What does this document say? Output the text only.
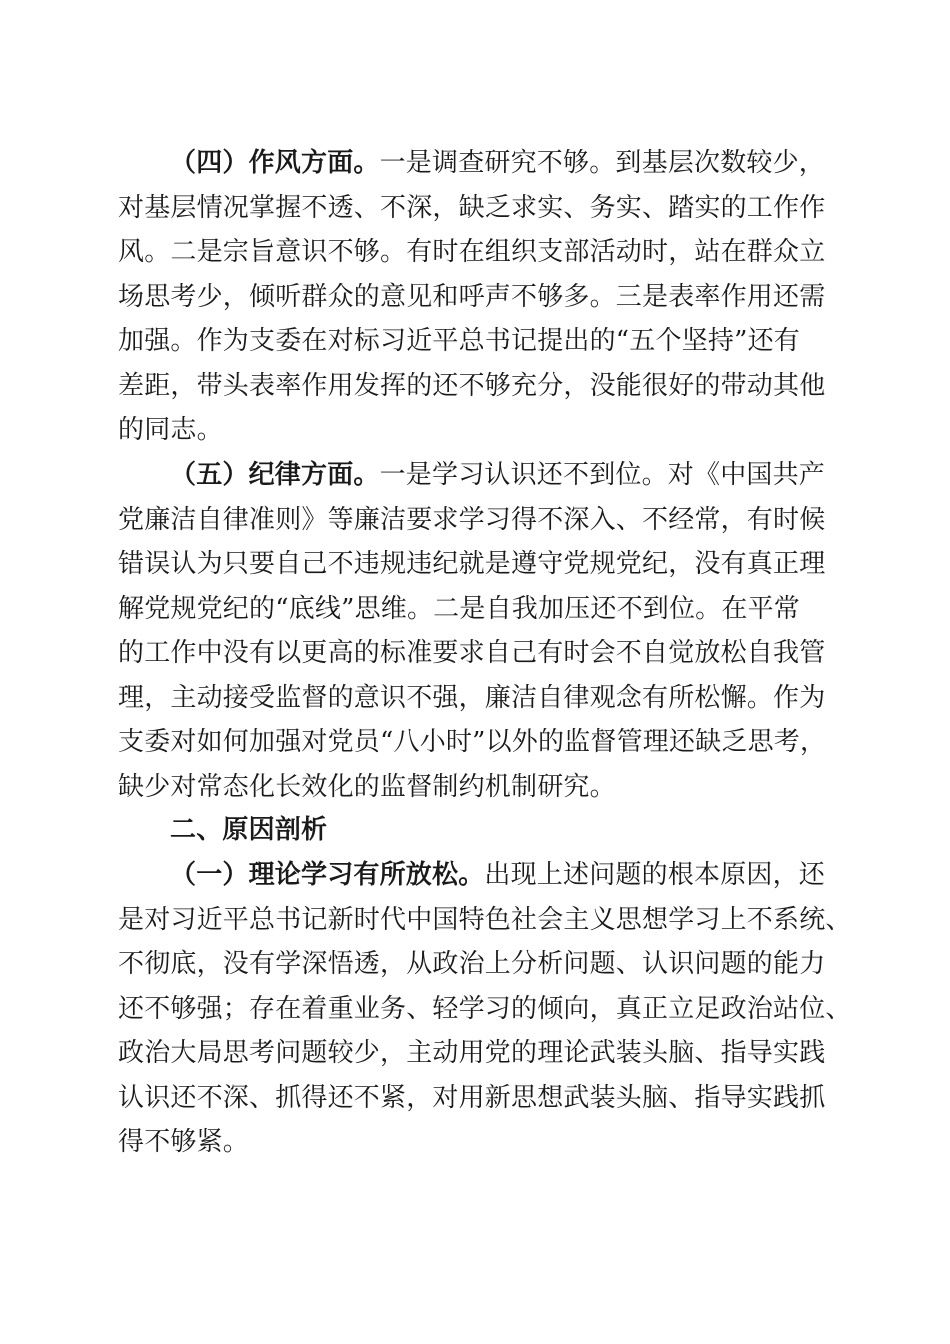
（四）作风方面。一是调查研究不够。到基层次数较少，
对基层情况掌握不透、不深，缺乏求实、务实、踏实的工作作
风。二是宗旨意识不够。有时在组织支部活动时，站在群众立
场思考少，倾听群众的意见和呼声不够多。三是表率作用还需
加强。作为支委在对标习近平总书记提出的“五个坚持”还有
差距，带头表率作用发挥的还不够充分，没能很好的带动其他
的同志。
（五）纪律方面。一是学习认识还不到位。对《中国共产
党廉洁自律准则》等廉洁要求学习得不深入、不经常，有时候
错误认为只要自己不违规违纪就是遵守党规党纪，没有真正理
解党规党纪的“底线”思维。二是自我加压还不到位。在平常
的工作中没有以更高的标准要求自己有时会不自觉放松自我管
理，主动接受监督的意识不强，廉洁自律观念有所松懈。作为
支委对如何加强对党员“八小时”以外的监督管理还缺乏思考，
缺少对常态化长效化的监督制约机制研究。
二、原因剖析
（一）理论学习有所放松。出现上述问题的根本原因，还
是对习近平总书记新时代中国特色社会主义思想学习上不系统、
不彻底，没有学深悟透，从政治上分析问题、认识问题的能力
还不够强；存在着重业务、轻学习的倾向，真正立足政治站位、
政治大局思考问题较少，主动用党的理论武装头脑、指导实践
认识还不深、抓得还不紧，对用新思想武装头脑、指导实践抓
得不够紧。
